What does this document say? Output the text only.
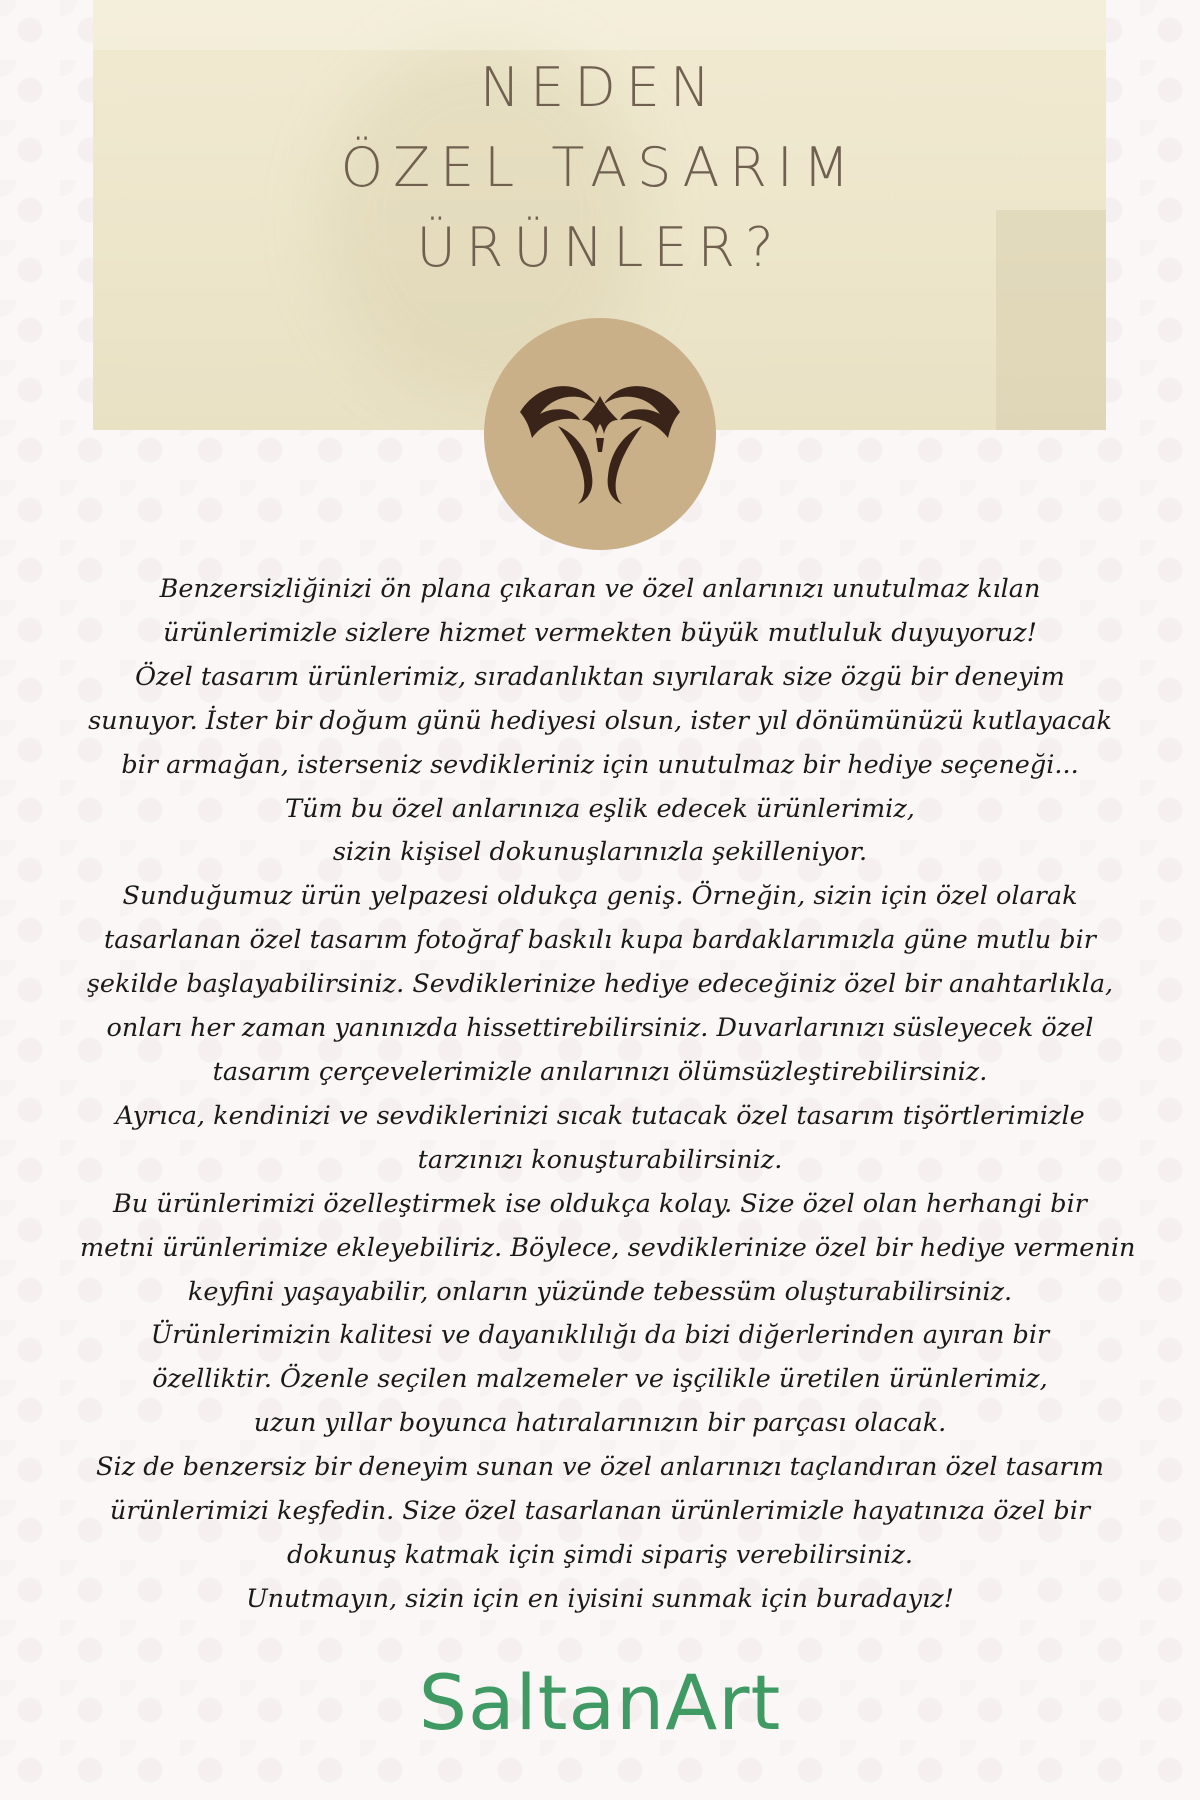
NEDEN
ÖZEL TASARIM
ÜRÜNLER?
Benzersizliğinizi ön plana çıkaran ve özel anlarınızı unutulmaz kılan
ürünlerimizle sizlere hizmet vermekten büyük mutluluk duyuyoruz!
Özel tasarım ürünlerimiz, sıradanlıktan sıyrılarak size özgü bir deneyim
sunuyor. İster bir doğum günü hediyesi olsun, ister yıl dönümünüzü kutlayacak
bir armağan, isterseniz sevdikleriniz için unutulmaz bir hediye seçeneği...
Tüm bu özel anlarınıza eşlik edecek ürünlerimiz,
sizin kişisel dokunuşlarınızla şekilleniyor.
Sunduğumuz ürün yelpazesi oldukça geniş. Örneğin, sizin için özel olarak
tasarlanan özel tasarım fotoğraf baskılı kupa bardaklarımızla güne mutlu bir
şekilde başlayabilirsiniz. Sevdiklerinize hediye edeceğiniz özel bir anahtarlıkla,
onları her zaman yanınızda hissettirebilirsiniz. Duvarlarınızı süsleyecek özel
tasarım çerçevelerimizle anılarınızı ölümsüzleştirebilirsiniz.
Ayrıca, kendinizi ve sevdiklerinizi sıcak tutacak özel tasarım tişörtlerimizle
tarzınızı konuşturabilirsiniz.
Bu ürünlerimizi özelleştirmek ise oldukça kolay. Size özel olan herhangi bir
metni ürünlerimize ekleyebiliriz. Böylece, sevdiklerinize özel bir hediye vermenin
keyfini yaşayabilir, onların yüzünde tebessüm oluşturabilirsiniz.
Ürünlerimizin kalitesi ve dayanıklılığı da bizi diğerlerinden ayıran bir
özelliktir. Özenle seçilen malzemeler ve işçilikle üretilen ürünlerimiz,
uzun yıllar boyunca hatıralarınızın bir parçası olacak.
Siz de benzersiz bir deneyim sunan ve özel anlarınızı taçlandıran özel tasarım
ürünlerimizi keşfedin. Size özel tasarlanan ürünlerimizle hayatınıza özel bir
dokunuş katmak için şimdi sipariş verebilirsiniz.
Unutmayın, sizin için en iyisini sunmak için buradayız!
SaltanArt
